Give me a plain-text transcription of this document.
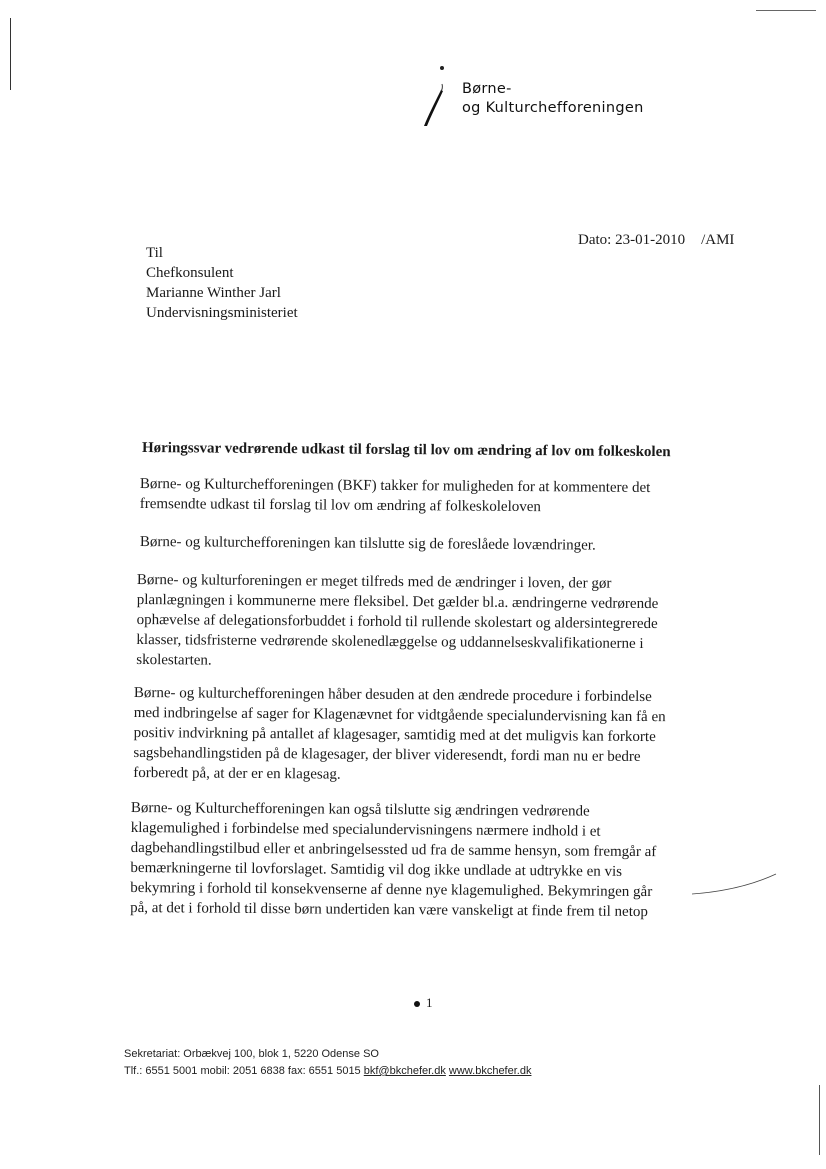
Børne-
og Kulturchefforeningen
Dato: 23-01-2010 /AMI
Til
Chefkonsulent
Marianne Winther Jarl
Undervisningsministeriet
Høringssvar vedrørende udkast til forslag til lov om ændring af lov om folkeskolen
Børne- og Kulturchefforeningen (BKF) takker for muligheden for at kommentere det
fremsendte udkast til forslag til lov om ændring af folkeskoleloven
Børne- og kulturchefforeningen kan tilslutte sig de foreslåede lovændringer.
Børne- og kulturforeningen er meget tilfreds med de ændringer i loven, der gør
planlægningen i kommunerne mere fleksibel. Det gælder bl.a. ændringerne vedrørende
ophævelse af delegationsforbuddet i forhold til rullende skolestart og aldersintegrerede
klasser, tidsfristerne vedrørende skolenedlæggelse og uddannelseskvalifikationerne i
skolestarten.
Børne- og kulturchefforeningen håber desuden at den ændrede procedure i forbindelse
med indbringelse af sager for Klagenævnet for vidtgående specialundervisning kan få en
positiv indvirkning på antallet af klagesager, samtidig med at det muligvis kan forkorte
sagsbehandlingstiden på de klagesager, der bliver videresendt, fordi man nu er bedre
forberedt på, at der er en klagesag.
Børne- og Kulturchefforeningen kan også tilslutte sig ændringen vedrørende
klagemulighed i forbindelse med specialundervisningens nærmere indhold i et
dagbehandlingstilbud eller et anbringelsessted ud fra de samme hensyn, som fremgår af
bemærkningerne til lovforslaget. Samtidig vil dog ikke undlade at udtrykke en vis
bekymring i forhold til konsekvenserne af denne nye klagemulighed. Bekymringen går
på, at det i forhold til disse børn undertiden kan være vanskeligt at finde frem til netop
1
Sekretariat: Orbækvej 100, blok 1, 5220 Odense SO
Tlf.: 6551 5001 mobil: 2051 6838 fax: 6551 5015 bkf@bkchefer.dk www.bkchefer.dk
